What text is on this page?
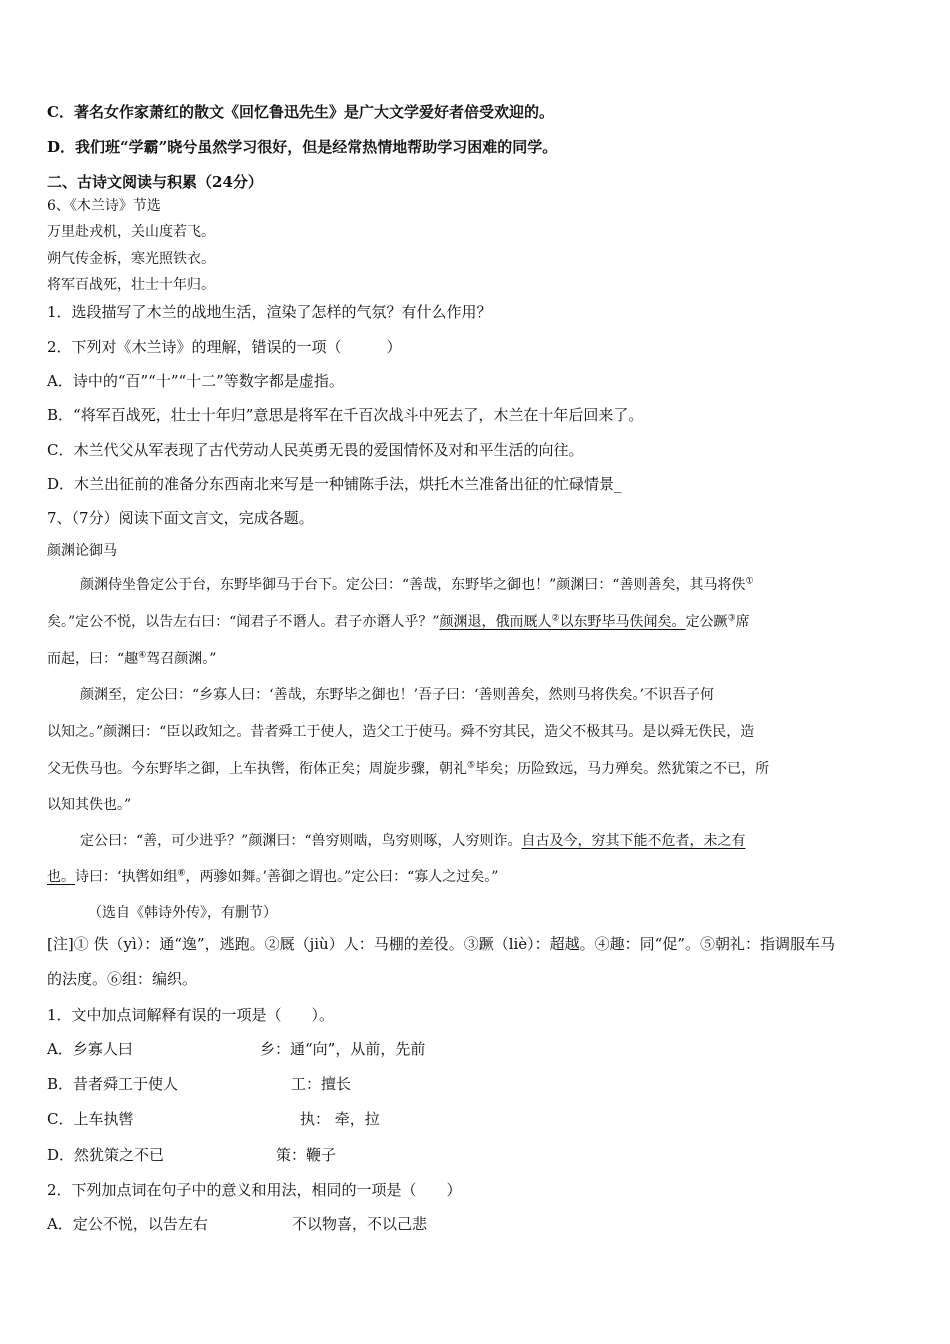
C．著名女作家萧红的散文《回忆鲁迅先生》是广大文学爱好者倍受欢迎的。
D．我们班“学霸”晓兮虽然学习很好，但是经常热情地帮助学习困难的同学。
二、古诗文阅读与积累（24分）
6、《木兰诗》节选
万里赴戎机，关山度若飞。
朔气传金柝，寒光照铁衣。
将军百战死，壮士十年归。
1．选段描写了木兰的战地生活，渲染了怎样的气氛？有什么作用？
2．下列对《木兰诗》的理解，错误的一项（　　　）
A．诗中的“百”“十”“十二”等数字都是虚指。
B．“将军百战死，壮士十年归”意思是将军在千百次战斗中死去了，木兰在十年后回来了。
C．木兰代父从军表现了古代劳动人民英勇无畏的爱国情怀及对和平生活的向往。
D．木兰出征前的准备分东西南北来写是一种铺陈手法，烘托木兰准备出征的忙碌情景_
7、（7分）阅读下面文言文，完成各题。
颜渊论御马
颜渊侍坐鲁定公于台，东野毕御马于台下。定公曰：“善哉，东野毕之御也！”颜渊曰：“善则善矣，其马将佚①
矣。”定公不悦，以告左右曰：“闻君子不谮人。君子亦谮人乎？”颜渊退，俄而厩人②以东野毕马佚闻矣。定公蹶③席
而起，曰：“趣④驾召颜渊。”
颜渊至，定公曰：“乡寡人曰：‘善哉，东野毕之御也！’吾子曰：‘善则善矣，然则马将佚矣。’不识吾子何
以知之。”颜渊曰：“臣以政知之。昔者舜工于使人，造父工于使马。舜不穷其民，造父不极其马。是以舜无佚民，造
父无佚马也。今东野毕之御，上车执辔，衔体正矣；周旋步骤，朝礼⑤毕矣；历险致远，马力殚矣。然犹策之不已，所
以知其佚也。”
定公曰：“善，可少进乎？”颜渊曰：“兽穷则啮，鸟穷则啄，人穷则诈。自古及今，穷其下能不危者，未之有
也。诗曰：‘执辔如组⑥，两骖如舞。’善御之谓也。”定公曰：“寡人之过矣。”
（选自《韩诗外传》，有删节）
[注]① 佚（yì）：通“逸”，逃跑。②厩（jiù）人：马棚的差役。③蹶（liè）：超越。④趣：同“促”。⑤朝礼：指调服车马
的法度。⑥组：编织。
1．文中加点词解释有误的一项是（　　）。
A．乡寡人曰	乡：通“向”，从前，先前
B．昔者舜工于使人	工：擅长
C．上车执辔	执： 牵，拉
D．然犹策之不已	策：鞭子
2．下列加点词在句子中的意义和用法，相同的一项是（　　）
A．定公不悦，以告左右	不以物喜，不以己悲
